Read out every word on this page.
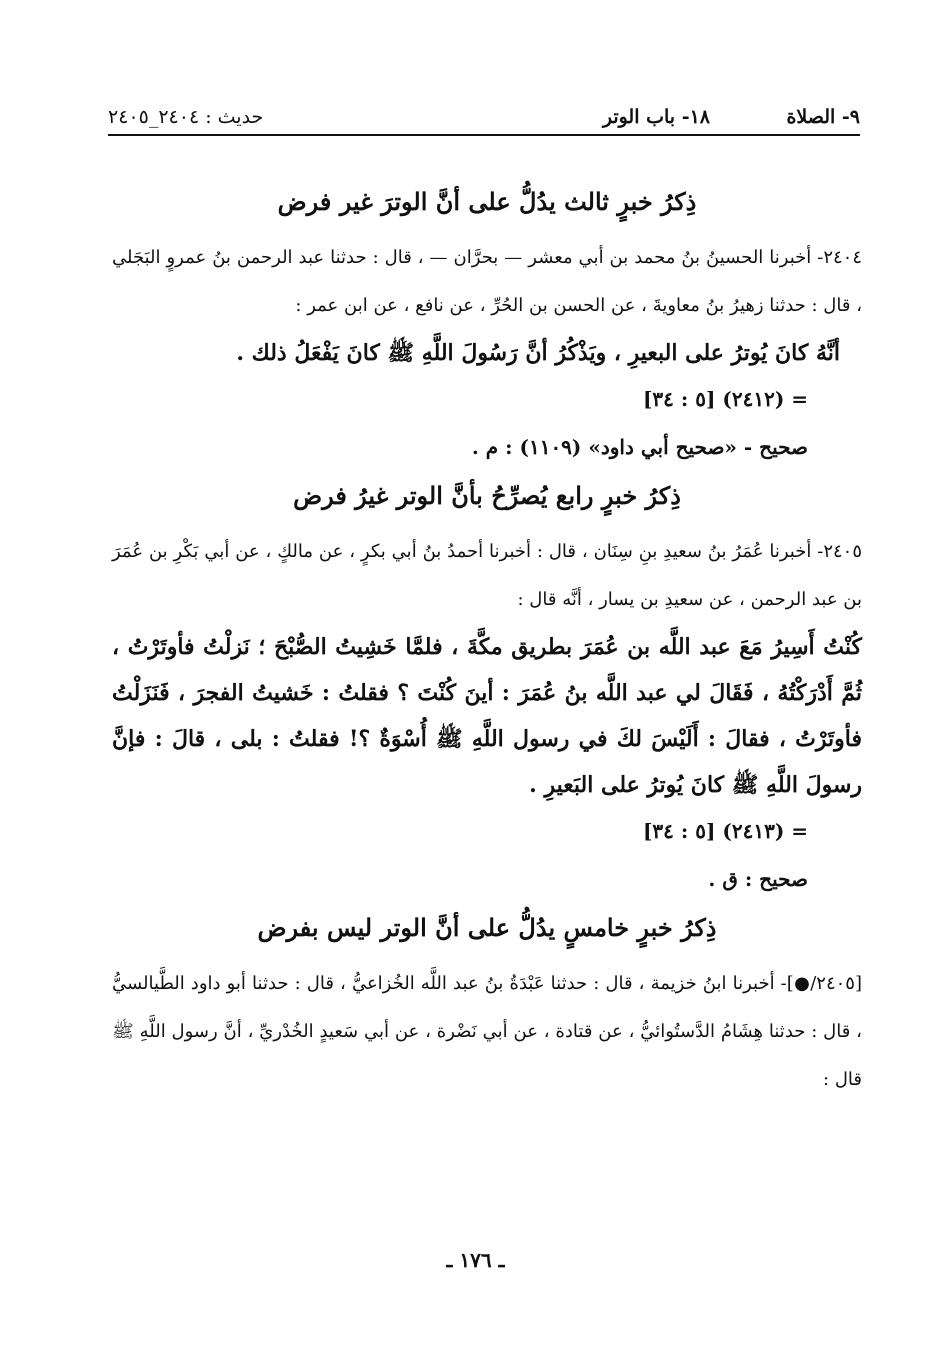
٩- الصلاة
١٨- باب الوتر
حديث : ٢٤٠٤_٢٤٠٥
ذِكرُ خبرٍ ثالث يدُلُّ على أنَّ الوترَ غير فرض

٢٤٠٤- أخبرنا الحسينُ بنُ محمد بن أبي معشر — بحرَّان — ، قال : حدثنا عبد الرحمن بنُ عمروٍ البَجَلي ، قال : حدثنا زهيرُ بنُ معاويةَ ، عن الحسن بن الحُرِّ ، عن نافع ، عن ابن عمر :

أنَّهُ كانَ يُوترُ على البعيرِ ، ويَذْكُرُ أنَّ رَسُولَ اللَّهِ ﷺ كانَ يَفْعَلُ ذلك .

= (٢٤١٢) [٥ : ٣٤]

صحيح - «صحيح أبي داود» (١١٠٩) : م .

ذِكرُ خبرٍ رابع يُصرِّحُ بأنَّ الوتر غيرُ فرض

٢٤٠٥- أخبرنا عُمَرُ بنُ سعيدِ بنِ سِنَان ، قال : أخبرنا أحمدُ بنُ أبي بكرٍ ، عن مالكٍ ، عن أبي بَكْرِ بن عُمَرَ بن عبد الرحمن ، عن سعيدِ بن يسار ، أنَّه قال :

كُنْتُ أَسِيرُ مَعَ عبد اللَّه بن عُمَرَ بطريق مكَّةَ ، فلمَّا خَشِيتُ الصُّبْحَ ؛ نَزلْتُ فأوتَرْتُ ، ثُمَّ أَدْرَكْتُهُ ، فَقَالَ لي عبد اللَّه بنُ عُمَرَ : أينَ كُنْتَ ؟ فقلتُ : خَشيتُ الفجرَ ، فَنَزَلْتُ فأوتَرْتُ ، فقالَ : أَلَيْسَ لكَ في رسول اللَّهِ ﷺ أُسْوَةٌ ؟! فقلتُ : بلى ، قالَ : فإنَّ رسولَ اللَّهِ ﷺ كانَ يُوترُ على البَعيرِ .

= (٢٤١٣) [٥ : ٣٤]

صحيح : ق .

ذِكرُ خبرٍ خامسٍ يدُلُّ على أنَّ الوتر ليس بفرض

[٢٤٠٥/●]- أخبرنا ابنُ خزيمة ، قال : حدثنا عَبْدَةُ بنُ عبد اللَّه الخُزاعيُّ ، قال : حدثنا أبو داود الطَّيالسيُّ ، قال : حدثنا هِشَامُ الدَّستُوائيُّ ، عن قتادة ، عن أبي نَضْرة ، عن أبي سَعيدٍ الخُدْريِّ ، أنَّ رسول اللَّهِ ﷺ قال :

ـ ١٧٦ ـ
